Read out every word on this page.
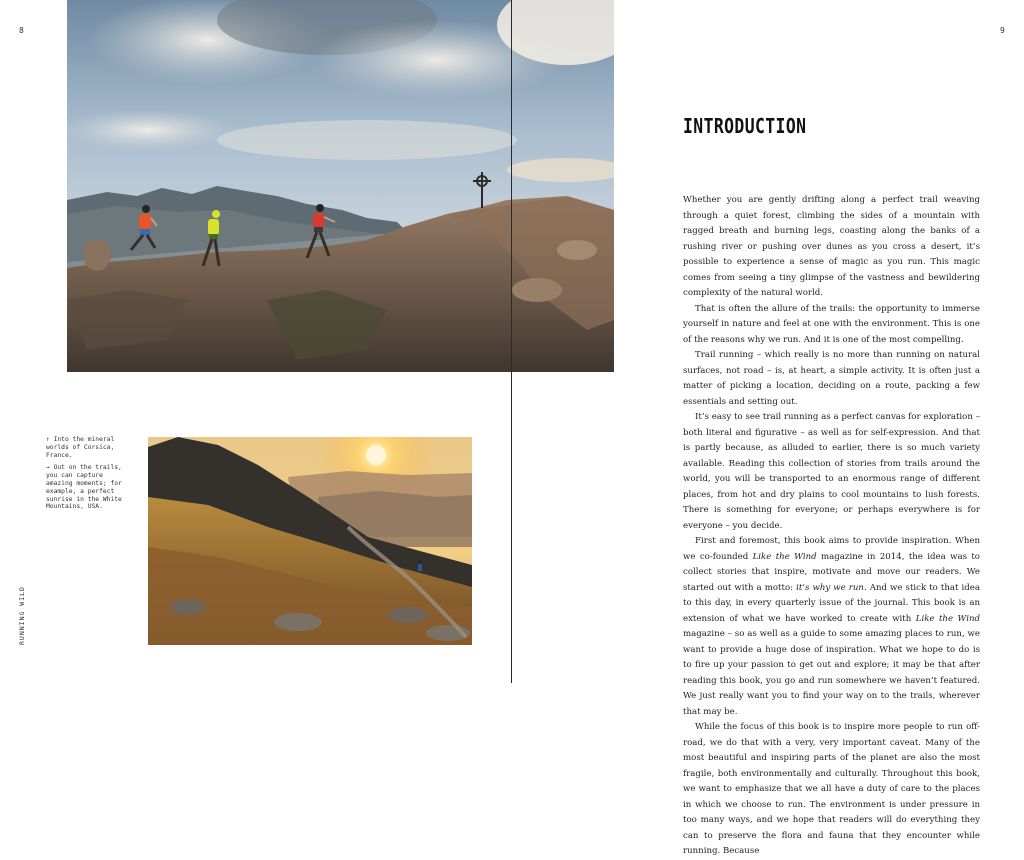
8	9

↑ Into the mineral
worlds of Corsica,
France.

→ Out on the trails,
you can capture
amazing moments; for
example, a perfect
sunrise in the White
Mountains, USA.

RUNNING WILD
INTRODUCTION

Whether you are gently drifting along a perfect trail weaving through a quiet forest, climbing the sides of a mountain with ragged breath and burning legs, coasting along the banks of a rushing river or pushing over dunes as you cross a desert, it’s possible to experience a sense of magic as you run. This magic comes from seeing a tiny glimpse of the vastness and bewildering complexity of the natural world.

That is often the allure of the trails: the opportunity to immerse yourself in nature and feel at one with the environment. This is one of the reasons why we run. And it is one of the most compelling.

Trail running – which really is no more than running on natural surfaces, not road – is, at heart, a simple activity. It is often just a matter of picking a location, deciding on a route, packing a few essentials and setting out.

It’s easy to see trail running as a perfect canvas for exploration – both literal and figurative – as well as for self-expression. And that is partly because, as alluded to earlier, there is so much variety available. Reading this collection of stories from trails around the world, you will be transported to an enormous range of different places, from hot and dry plains to cool mountains to lush forests. There is something for everyone; or perhaps everywhere is for everyone – you decide.

First and foremost, this book aims to provide inspiration. When we co-founded Like the Wind magazine in 2014, the idea was to collect stories that inspire, motivate and move our readers. We started out with a motto: it’s why we run. And we stick to that idea to this day, in every quarterly issue of the journal. This book is an extension of what we have worked to create with Like the Wind magazine – so as well as a guide to some amazing places to run, we want to provide a huge dose of inspiration. What we hope to do is to fire up your passion to get out and explore; it may be that after reading this book, you go and run somewhere we haven’t featured. We just really want you to find your way on to the trails, wherever that may be.

While the focus of this book is to inspire more people to run off-road, we do that with a very, very important caveat. Many of the most beautiful and inspiring parts of the planet are also the most fragile, both environmentally and culturally. Throughout this book, we want to emphasize that we all have a duty of care to the places in which we choose to run. The environment is under pressure in too many ways, and we hope that readers will do everything they can to preserve the flora and fauna that they encounter while running. Because
